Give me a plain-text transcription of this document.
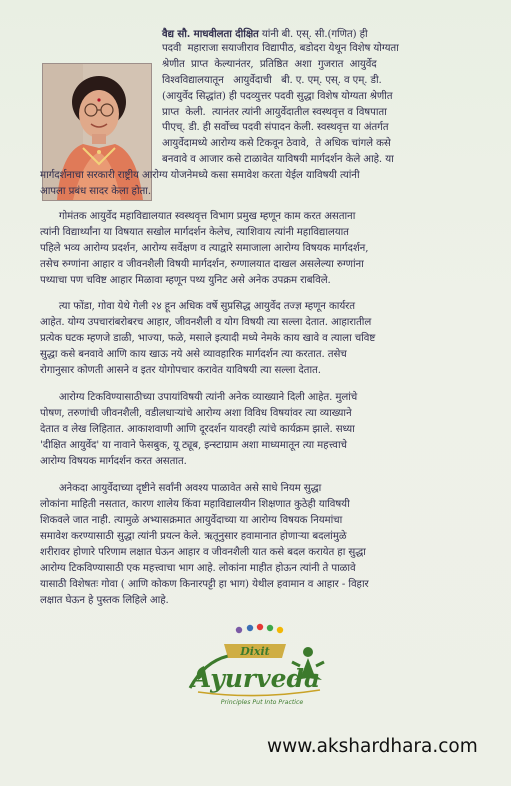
वैद्य सौ. माधवीलता दीक्षित यांनी बी. एस्. सी.(गणित) ही
पदवी  महाराजा सयाजीराव विद्यापीठ, बडोदरा येथून विशेष योग्यता
श्रेणीत  प्राप्त  केल्यानंतर,  प्रतिष्ठित  अशा  गुजरात  आयुर्वेद
विश्वविद्यालयातून   आयुर्वेदाची   बी. ए. एम्. एस्. व एम्. डी.
(आयुर्वेद सिद्धांत) ही पदव्युत्तर पदवी सुद्धा विशेष योग्यता श्रेणीत
प्राप्त  केली.  त्यानंतर त्यांनी आयुर्वेदातील स्वस्थवृत्त व विषपाता
पीएच्. डी. ही सर्वोच्च पदवी संपादन केली. स्वस्थवृत्त या अंतर्गत
आयुर्वेदामध्ये आरोग्य कसे टिकवून ठेवावे,  ते अधिक चांगले कसे
बनवावे व आजार कसे टाळावेत याविषयी मार्गदर्शन केले आहे. या
मार्गदर्शनाचा सरकारी राष्ट्रीय आरोग्य योजनेमध्ये कसा समावेश करता येईल याविषयी त्यांनी
आपला प्रबंध सादर केला होता.
गोमंतक आयुर्वेद महाविद्यालयात स्वस्थवृत्त विभाग प्रमुख म्हणून काम करत असताना
त्यांनी विद्यार्थ्यांना या विषयात सखोल मार्गदर्शन केलेच, त्याशिवाय त्यांनी महाविद्यालयात
पहिले भव्य आरोग्य प्रदर्शन, आरोग्य सर्वेक्षण व त्याद्वारे समाजाला आरोग्य विषयक मार्गदर्शन,
तसेच रुग्णांना आहार व जीवनशैली विषयी मार्गदर्शन, रुग्णालयात दाखल असलेल्या रुग्णांना
पथ्याचा पण चविष्ट आहार मिळावा म्हणून पथ्य युनिट असे अनेक उपक्रम राबविले.
त्या फोंडा, गोवा येथे गेली २४ हून अधिक वर्षे सुप्रसिद्ध आयुर्वेद तज्ज्ञ म्हणून कार्यरत
आहेत. योग्य उपचारांबरोबरच आहार, जीवनशैली व योग विषयी त्या सल्ला देतात. आहारातील
प्रत्येक घटक म्हणजे डाळी, भाज्या, फळे, मसाले इत्यादी मध्ये नेमके काय खावे व त्याला चविष्ट
सुद्धा कसे बनवावे आणि काय खाऊ नये असे व्यावहारिक मार्गदर्शन त्या करतात. तसेच
रोगानुसार कोणती आसने व इतर योगोपचार करावेत याविषयी त्या सल्ला देतात.
आरोग्य टिकविण्यासाठीच्या उपायांविषयी त्यांनी अनेक व्याख्याने दिली आहेत. मुलांचे
पोषण, तरुणांची जीवनशैली, वडीलधाऱ्यांचे आरोग्य अशा विविध विषयांवर त्या व्याख्याने
देतात व लेख लिहितात. आकाशवाणी आणि दूरदर्शन यावरही त्यांचे कार्यक्रम झाले. सध्या
'दीक्षित आयुर्वेद' या नावाने फेसबुक, यू ट्यूब, इन्स्टाग्राम अशा माध्यमातून त्या महत्त्वाचे
आरोग्य विषयक मार्गदर्शन करत असतात.
अनेकदा आयुर्वेदाच्या दृष्टीने सर्वांनी अवश्य पाळावेत असे साधे नियम सुद्धा
लोकांना माहिती नसतात, कारण शालेय किंवा महाविद्यालयीन शिक्षणात कुठेही याविषयी
शिकवले जात नाही. त्यामुळे अभ्यासक्रमात आयुर्वेदाच्या या आरोग्य विषयक नियमांचा
समावेश करण्यासाठी सुद्धा त्यांनी प्रयत्न केले. ऋतूनुसार हवामानात होणाऱ्या बदलांमुळे
शरीरावर होणारे परिणाम लक्षात घेऊन आहार व जीवनशैली यात कसे बदल करायेत हा सुद्धा
आरोग्य टिकविण्यासाठी एक महत्त्वाचा भाग आहे. लोकांना माहीत होऊन त्यांनी ते पाळावे
यासाठी विशेषतः गोवा ( आणि कोकण किनारपट्टी हा भाग) येथील हवामान व आहार - विहार
लक्षात घेऊन हे पुस्तक लिहिले आहे.
Dixit
Ayurveda
Principles Put Into Practice
www.akshardhara.com
